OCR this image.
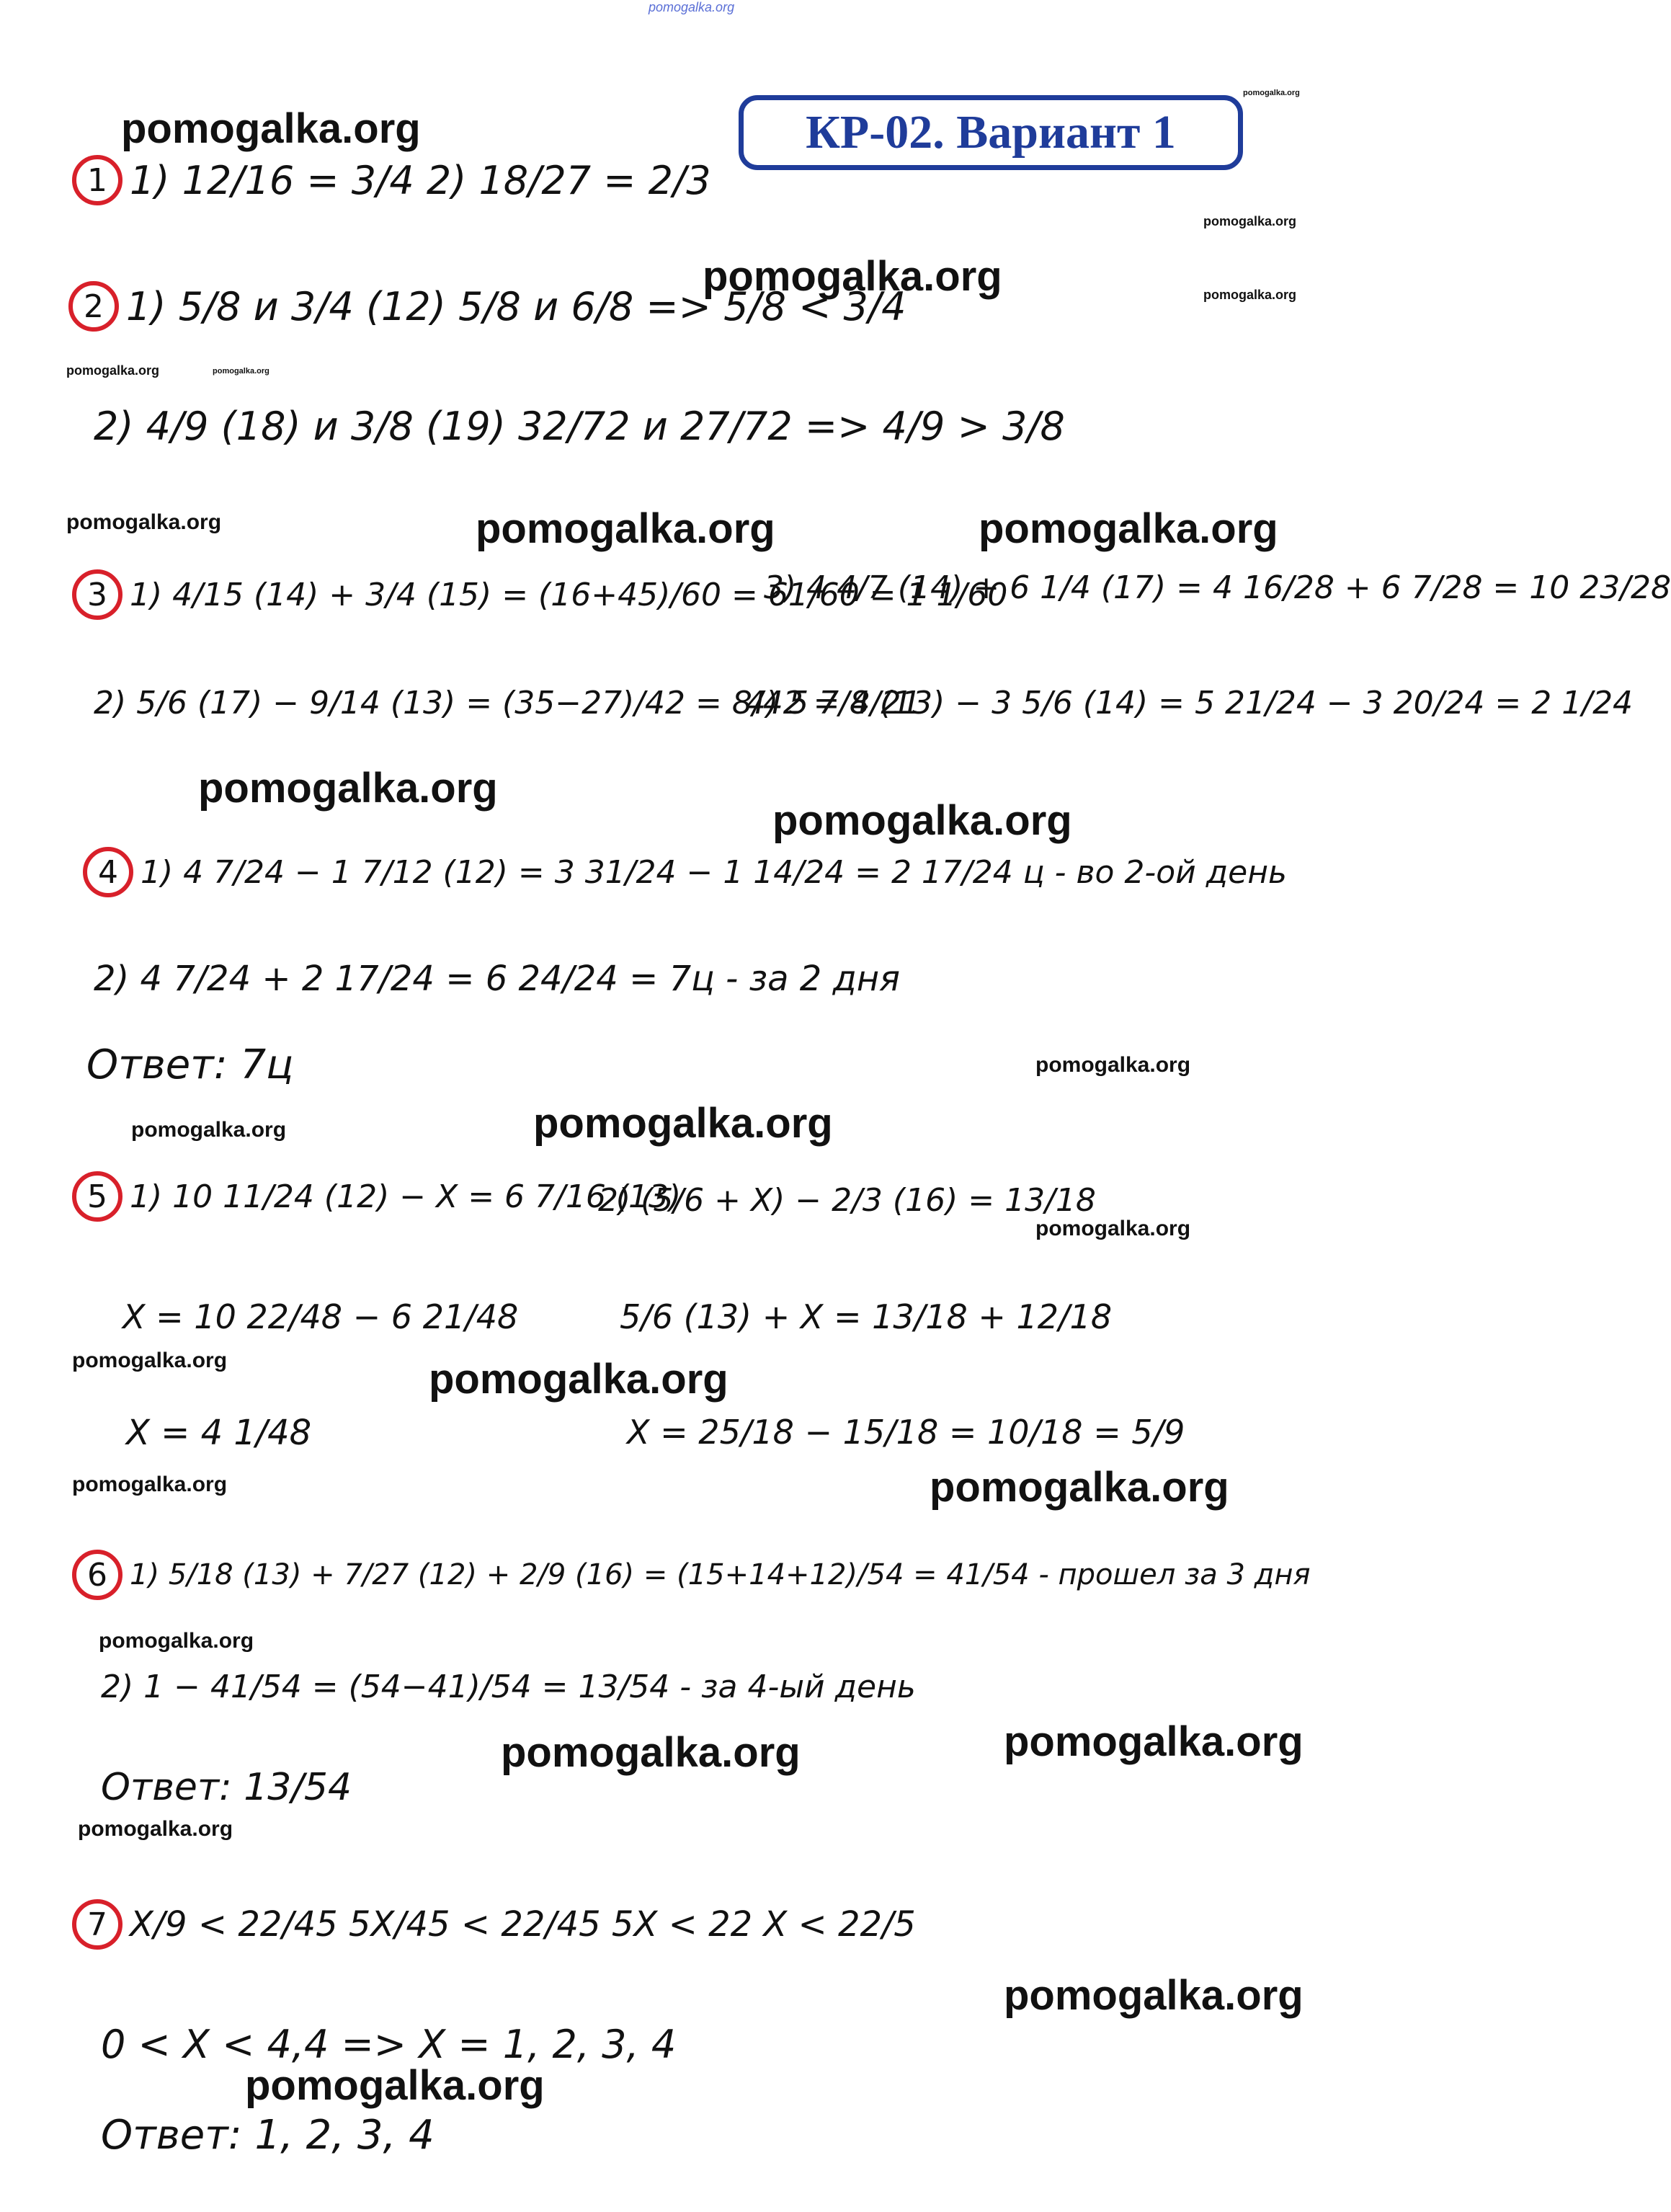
pomogalka.org
КР-02. Вариант 1
pomogalka.org
pomogalka.org
pomogalka.org
pomogalka.org	pomogalka.org
pomogalka.org	pomogalka.org
pomogalka.org	pomogalka.org	pomogalka.org
pomogalka.org
pomogalka.org
pomogalka.org
pomogalka.org	pomogalka.org
pomogalka.org
pomogalka.org	pomogalka.org
pomogalka.org	pomogalka.org
pomogalka.org
pomogalka.org
pomogalka.org
pomogalka.org
pomogalka.org
pomogalka.org
1 1) 12/16 = 3/4 2) 18/27 = 2/3
2 1) 5/8 и 3/4 (12) 5/8 и 6/8 => 5/8 < 3/4
2) 4/9 (18) и 3/8 (19) 32/72 и 27/72 => 4/9 > 3/8
3 1) 4/15 (14) + 3/4 (15) = (16+45)/60 = 61/60 = 1 1/60
3) 4 4/7 (14) + 6 1/4 (17) = 4 16/28 + 6 7/28 = 10 23/28
2) 5/6 (17) − 9/14 (13) = (35−27)/42 = 8/42 = 4/21
4) 5 7/8 (13) − 3 5/6 (14) = 5 21/24 − 3 20/24 = 2 1/24
4 1) 4 7/24 − 1 7/12 (12) = 3 31/24 − 1 14/24 = 2 17/24 ц - во 2-ой день
2) 4 7/24 + 2 17/24 = 6 24/24 = 7ц - за 2 дня
Ответ: 7ц
5 1) 10 11/24 (12) − X = 6 7/16 (13)
2) (5/6 + X) − 2/3 (16) = 13/18
X = 10 22/48 − 6 21/48	5/6 (13) + X = 13/18 + 12/18
X = 4 1/48	X = 25/18 − 15/18 = 10/18 = 5/9
6 1) 5/18 (13) + 7/27 (12) + 2/9 (16) = (15+14+12)/54 = 41/54 - прошел за 3 дня
2) 1 − 41/54 = (54−41)/54 = 13/54 - за 4-ый день
Ответ: 13/54
7 X/9 < 22/45 5X/45 < 22/45 5X < 22 X < 22/5
0 < X < 4,4 => X = 1, 2, 3, 4
Ответ: 1, 2, 3, 4
